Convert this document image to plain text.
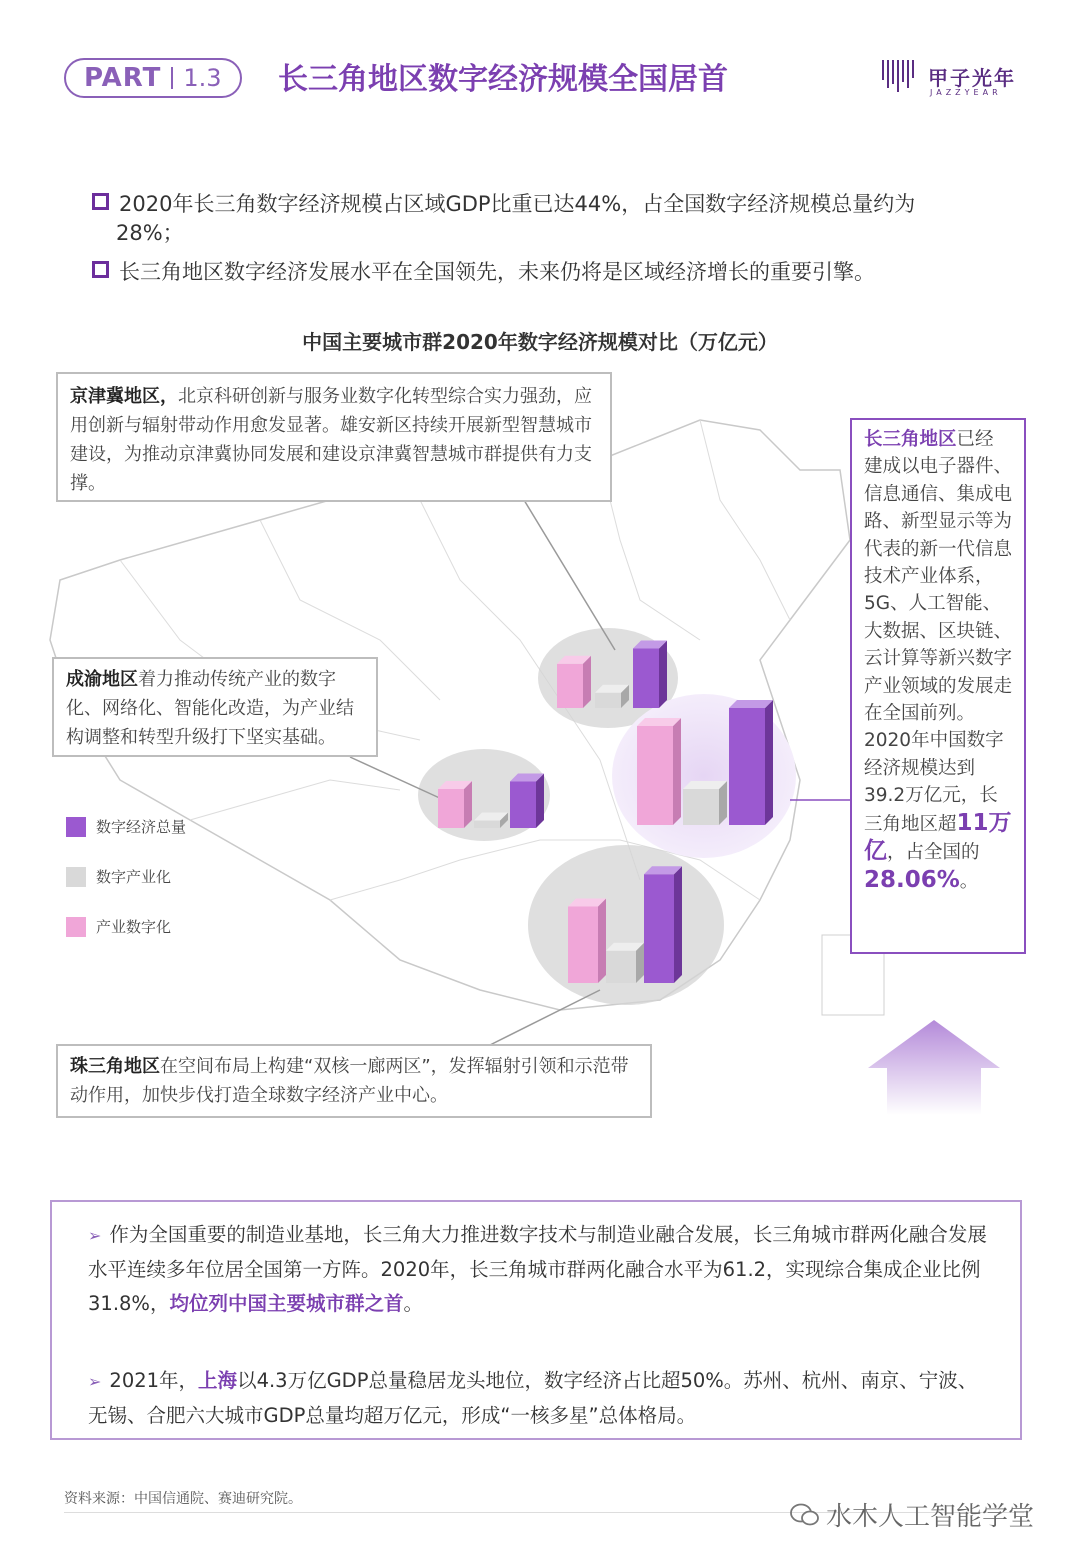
PART 1.3 长三角地区数字经济规模全国居首	甲子光年
JAZZYEAR
2020年长三角数字经济规模占区域GDP比重已达44%，占全国数字经济规模总量约为
28%；
长三角地区数字经济发展水平在全国领先，未来仍将是区域经济增长的重要引擎。
中国主要城市群2020年数字经济规模对比（万亿元）
京津冀地区，北京科研创新与服务业数字化转型综合实力强劲，应用创新与辐射带动作用愈发显著。雄安新区持续开展新型智慧城市建设，为推动京津冀协同发展和建设京津冀智慧城市群提供有力支撑。
成渝地区着力推动传统产业的数字化、网络化、智能化改造，为产业结构调整和转型升级打下坚实基础。
珠三角地区在空间布局上构建“双核一廊两区”，发挥辐射引领和示范带动作用，加快步伐打造全球数字经济产业中心。
长三角地区已经建成以电子器件、信息通信、集成电路、新型显示等为代表的新一代信息技术产业体系，5G、人工智能、大数据、区块链、云计算等新兴数字产业领域的发展走在全国前列。2020年中国数字经济规模达到39.2万亿元，长三角地区超11万亿，占全国的28.06%。
数字经济总量
数字产业化
产业数字化
➢ 作为全国重要的制造业基地，长三角大力推进数字技术与制造业融合发展，长三角城市群两化融合发展水平连续多年位居全国第一方阵。2020年，长三角城市群两化融合水平为61.2，实现综合集成企业比例31.8%，均位列中国主要城市群之首。
➢ 2021年，上海以4.3万亿GDP总量稳居龙头地位，数字经济占比超50%。苏州、杭州、南京、宁波、无锡、合肥六大城市GDP总量均超万亿元，形成“一核多星”总体格局。
资料来源：中国信通院、赛迪研究院。
水木人工智能学堂
